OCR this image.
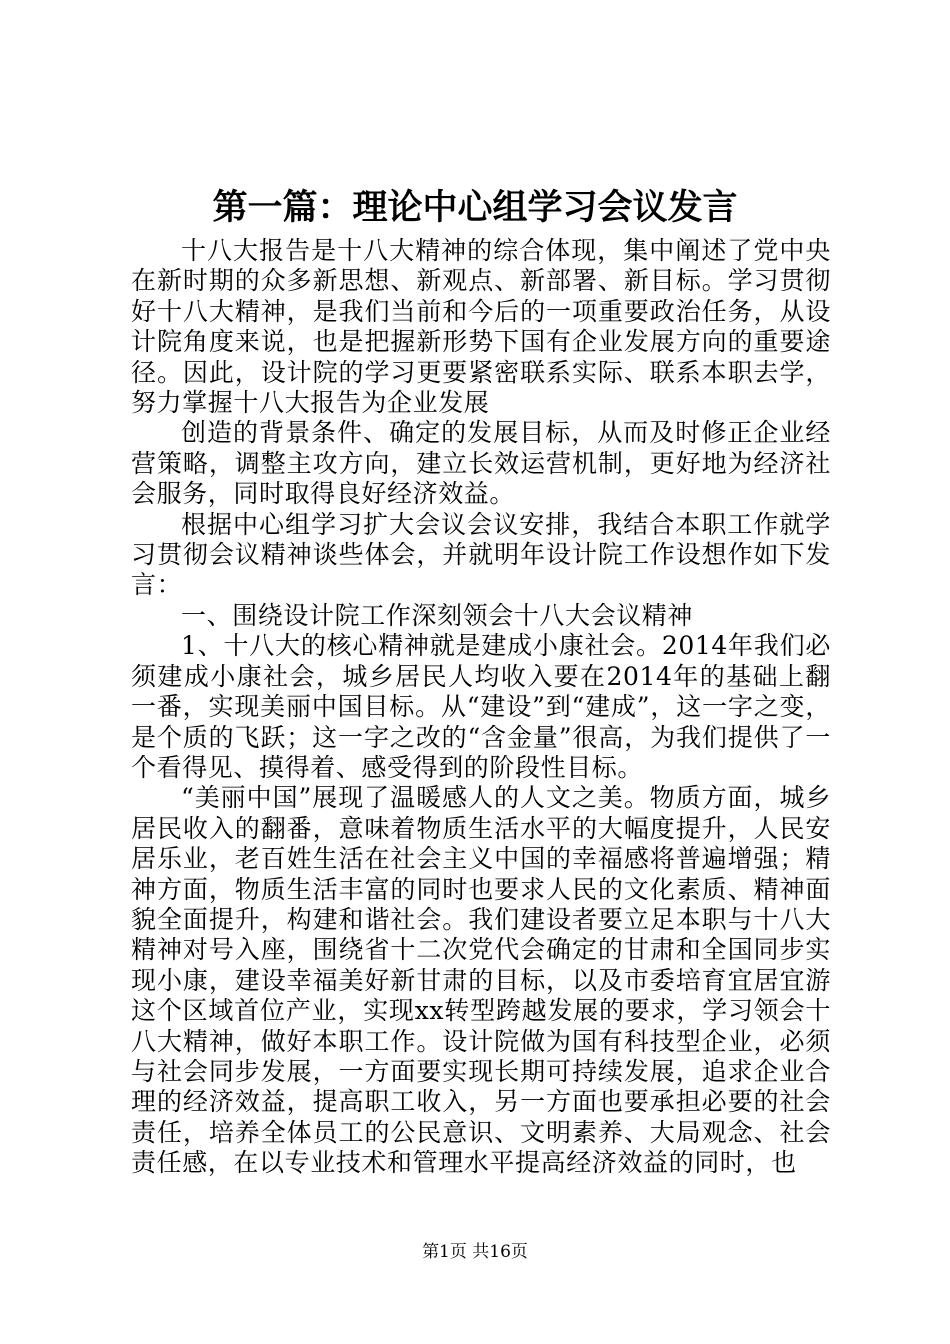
第一篇：理论中心组学习会议发言

十八大报告是十八大精神的综合体现，集中阐述了党中央在新时期的众多新思想、新观点、新部署、新目标。学习贯彻好十八大精神，是我们当前和今后的一项重要政治任务，从设计院角度来说，也是把握新形势下国有企业发展方向的重要途径。因此，设计院的学习更要紧密联系实际、联系本职去学，努力掌握十八大报告为企业发展

创造的背景条件、确定的发展目标，从而及时修正企业经营策略，调整主攻方向，建立长效运营机制，更好地为经济社会服务，同时取得良好经济效益。

根据中心组学习扩大会议会议安排，我结合本职工作就学习贯彻会议精神谈些体会，并就明年设计院工作设想作如下发言：

一、围绕设计院工作深刻领会十八大会议精神

1、十八大的核心精神就是建成小康社会。2014年我们必须建成小康社会，城乡居民人均收入要在2014年的基础上翻一番，实现美丽中国目标。从“建设”到“建成”，这一字之变，是个质的飞跃；这一字之改的“含金量”很高，为我们提供了一个看得见、摸得着、感受得到的阶段性目标。

“美丽中国”展现了温暖感人的人文之美。物质方面，城乡居民收入的翻番，意味着物质生活水平的大幅度提升，人民安居乐业，老百姓生活在社会主义中国的幸福感将普遍增强；精神方面，物质生活丰富的同时也要求人民的文化素质、精神面貌全面提升，构建和谐社会。我们建设者要立足本职与十八大精神对号入座，围绕省十二次党代会确定的甘肃和全国同步实现小康，建设幸福美好新甘肃的目标，以及市委培育宜居宜游这个区域首位产业，实现xx转型跨越发展的要求，学习领会十八大精神，做好本职工作。设计院做为国有科技型企业，必须与社会同步发展，一方面要实现长期可持续发展，追求企业合理的经济效益，提高职工收入，另一方面也要承担必要的社会责任，培养全体员工的公民意识、文明素养、大局观念、社会责任感，在以专业技术和管理水平提高经济效益的同时，也

第1页 共16页
